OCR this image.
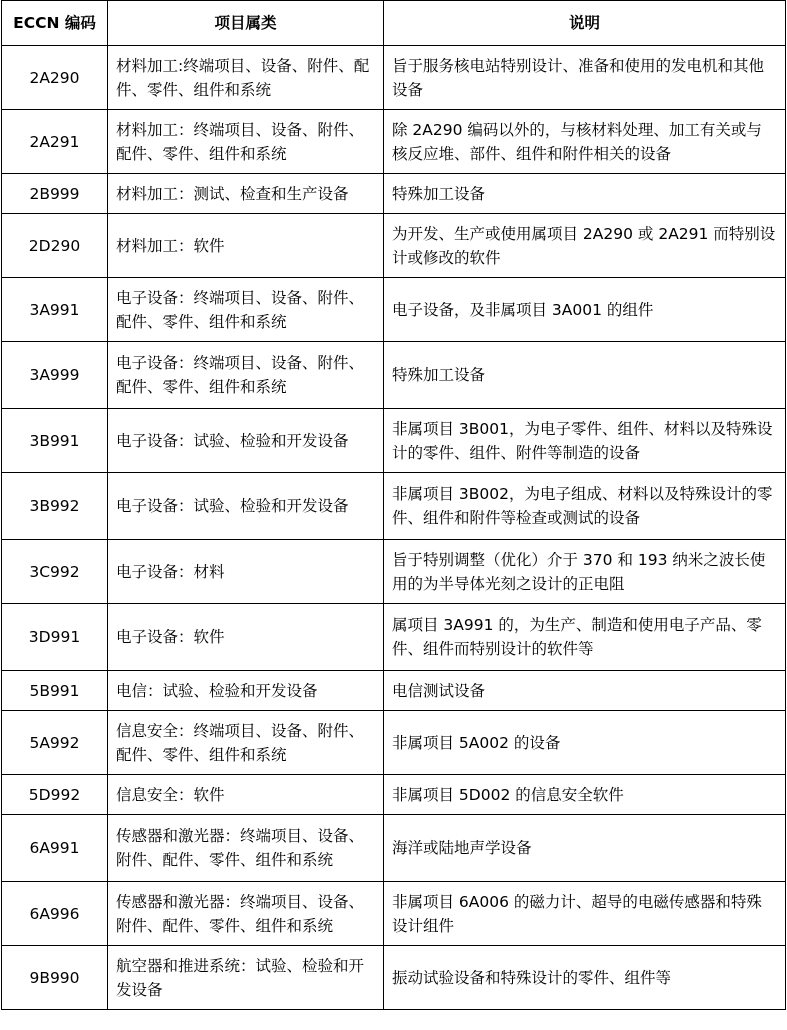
ECCN 编码	项目属类	说明
2A290	材料加工:终端项目、设备、附件、配件、零件、组件和系统	旨于服务核电站特别设计、准备和使用的发电机和其他设备
2A291	材料加工：终端项目、设备、附件、配件、零件、组件和系统	除 2A290 编码以外的，与核材料处理、加工有关或与核反应堆、部件、组件和附件相关的设备
2B999	材料加工：测试、检查和生产设备	特殊加工设备
2D290	材料加工：软件	为开发、生产或使用属项目 2A290 或 2A291 而特别设计或修改的软件
3A991	电子设备：终端项目、设备、附件、配件、零件、组件和系统	电子设备，及非属项目 3A001 的组件
3A999	电子设备：终端项目、设备、附件、配件、零件、组件和系统	特殊加工设备
3B991	电子设备：试验、检验和开发设备	非属项目 3B001，为电子零件、组件、材料以及特殊设计的零件、组件、附件等制造的设备
3B992	电子设备：试验、检验和开发设备	非属项目 3B002，为电子组成、材料以及特殊设计的零件、组件和附件等检查或测试的设备
3C992	电子设备：材料	旨于特别调整（优化）介于 370 和 193 纳米之波长使用的为半导体光刻之设计的正电阻
3D991	电子设备：软件	属项目 3A991 的，为生产、制造和使用电子产品、零件、组件而特别设计的软件等
5B991	电信：试验、检验和开发设备	电信测试设备
5A992	信息安全：终端项目、设备、附件、配件、零件、组件和系统	非属项目 5A002 的设备
5D992	信息安全：软件	非属项目 5D002 的信息安全软件
6A991	传感器和激光器：终端项目、设备、附件、配件、零件、组件和系统	海洋或陆地声学设备
6A996	传感器和激光器：终端项目、设备、附件、配件、零件、组件和系统	非属项目 6A006 的磁力计、超导的电磁传感器和特殊设计组件
9B990	航空器和推进系统：试验、检验和开发设备	振动试验设备和特殊设计的零件、组件等
